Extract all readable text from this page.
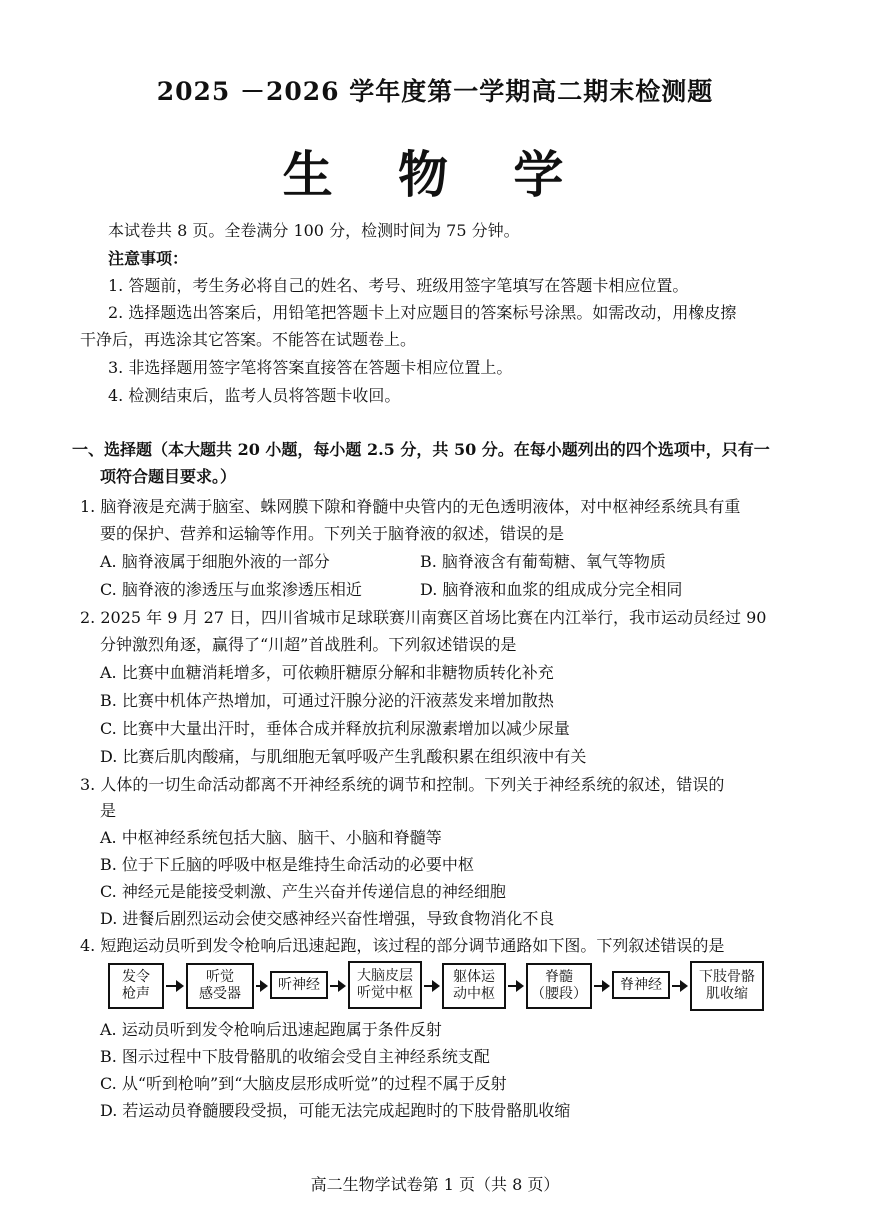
2025 －2026 学年度第一学期高二期末检测题
生 物 学
本试卷共 8 页。全卷满分 100 分，检测时间为 75 分钟。
注意事项：
1. 答题前，考生务必将自己的姓名、考号、班级用签字笔填写在答题卡相应位置。
2. 选择题选出答案后，用铅笔把答题卡上对应题目的答案标号涂黑。如需改动，用橡皮擦
干净后，再选涂其它答案。不能答在试题卷上。
3. 非选择题用签字笔将答案直接答在答题卡相应位置上。
4. 检测结束后，监考人员将答题卡收回。
一、选择题（本大题共 20 小题，每小题 2.5 分，共 50 分。在每小题列出的四个选项中，只有一
项符合题目要求。）
1. 脑脊液是充满于脑室、蛛网膜下隙和脊髓中央管内的无色透明液体，对中枢神经系统具有重
要的保护、营养和运输等作用。下列关于脑脊液的叙述，错误的是
A. 脑脊液属于细胞外液的一部分	B. 脑脊液含有葡萄糖、氧气等物质
C. 脑脊液的渗透压与血浆渗透压相近	D. 脑脊液和血浆的组成成分完全相同
2. 2025 年 9 月 27 日，四川省城市足球联赛川南赛区首场比赛在内江举行，我市运动员经过 90
分钟激烈角逐，赢得了“川超”首战胜利。下列叙述错误的是
A. 比赛中血糖消耗增多，可依赖肝糖原分解和非糖物质转化补充
B. 比赛中机体产热增加，可通过汗腺分泌的汗液蒸发来增加散热
C. 比赛中大量出汗时，垂体合成并释放抗利尿激素增加以减少尿量
D. 比赛后肌肉酸痛，与肌细胞无氧呼吸产生乳酸积累在组织液中有关
3. 人体的一切生命活动都离不开神经系统的调节和控制。下列关于神经系统的叙述，错误的
是
A. 中枢神经系统包括大脑、脑干、小脑和脊髓等
B. 位于下丘脑的呼吸中枢是维持生命活动的必要中枢
C. 神经元是能接受刺激、产生兴奋并传递信息的神经细胞
D. 进餐后剧烈运动会使交感神经兴奋性增强，导致食物消化不良
4. 短跑运动员听到发令枪响后迅速起跑，该过程的部分调节通路如下图。下列叙述错误的是
发令
枪声
听觉
感受器
听神经
大脑皮层
听觉中枢
躯体运
动中枢
脊髓
（腰段）
脊神经	下肢骨骼
肌收缩
A. 运动员听到发令枪响后迅速起跑属于条件反射
B. 图示过程中下肢骨骼肌的收缩会受自主神经系统支配
C. 从“听到枪响”到“大脑皮层形成听觉”的过程不属于反射
D. 若运动员脊髓腰段受损，可能无法完成起跑时的下肢骨骼肌收缩
高二生物学试卷第 1 页（共 8 页）
